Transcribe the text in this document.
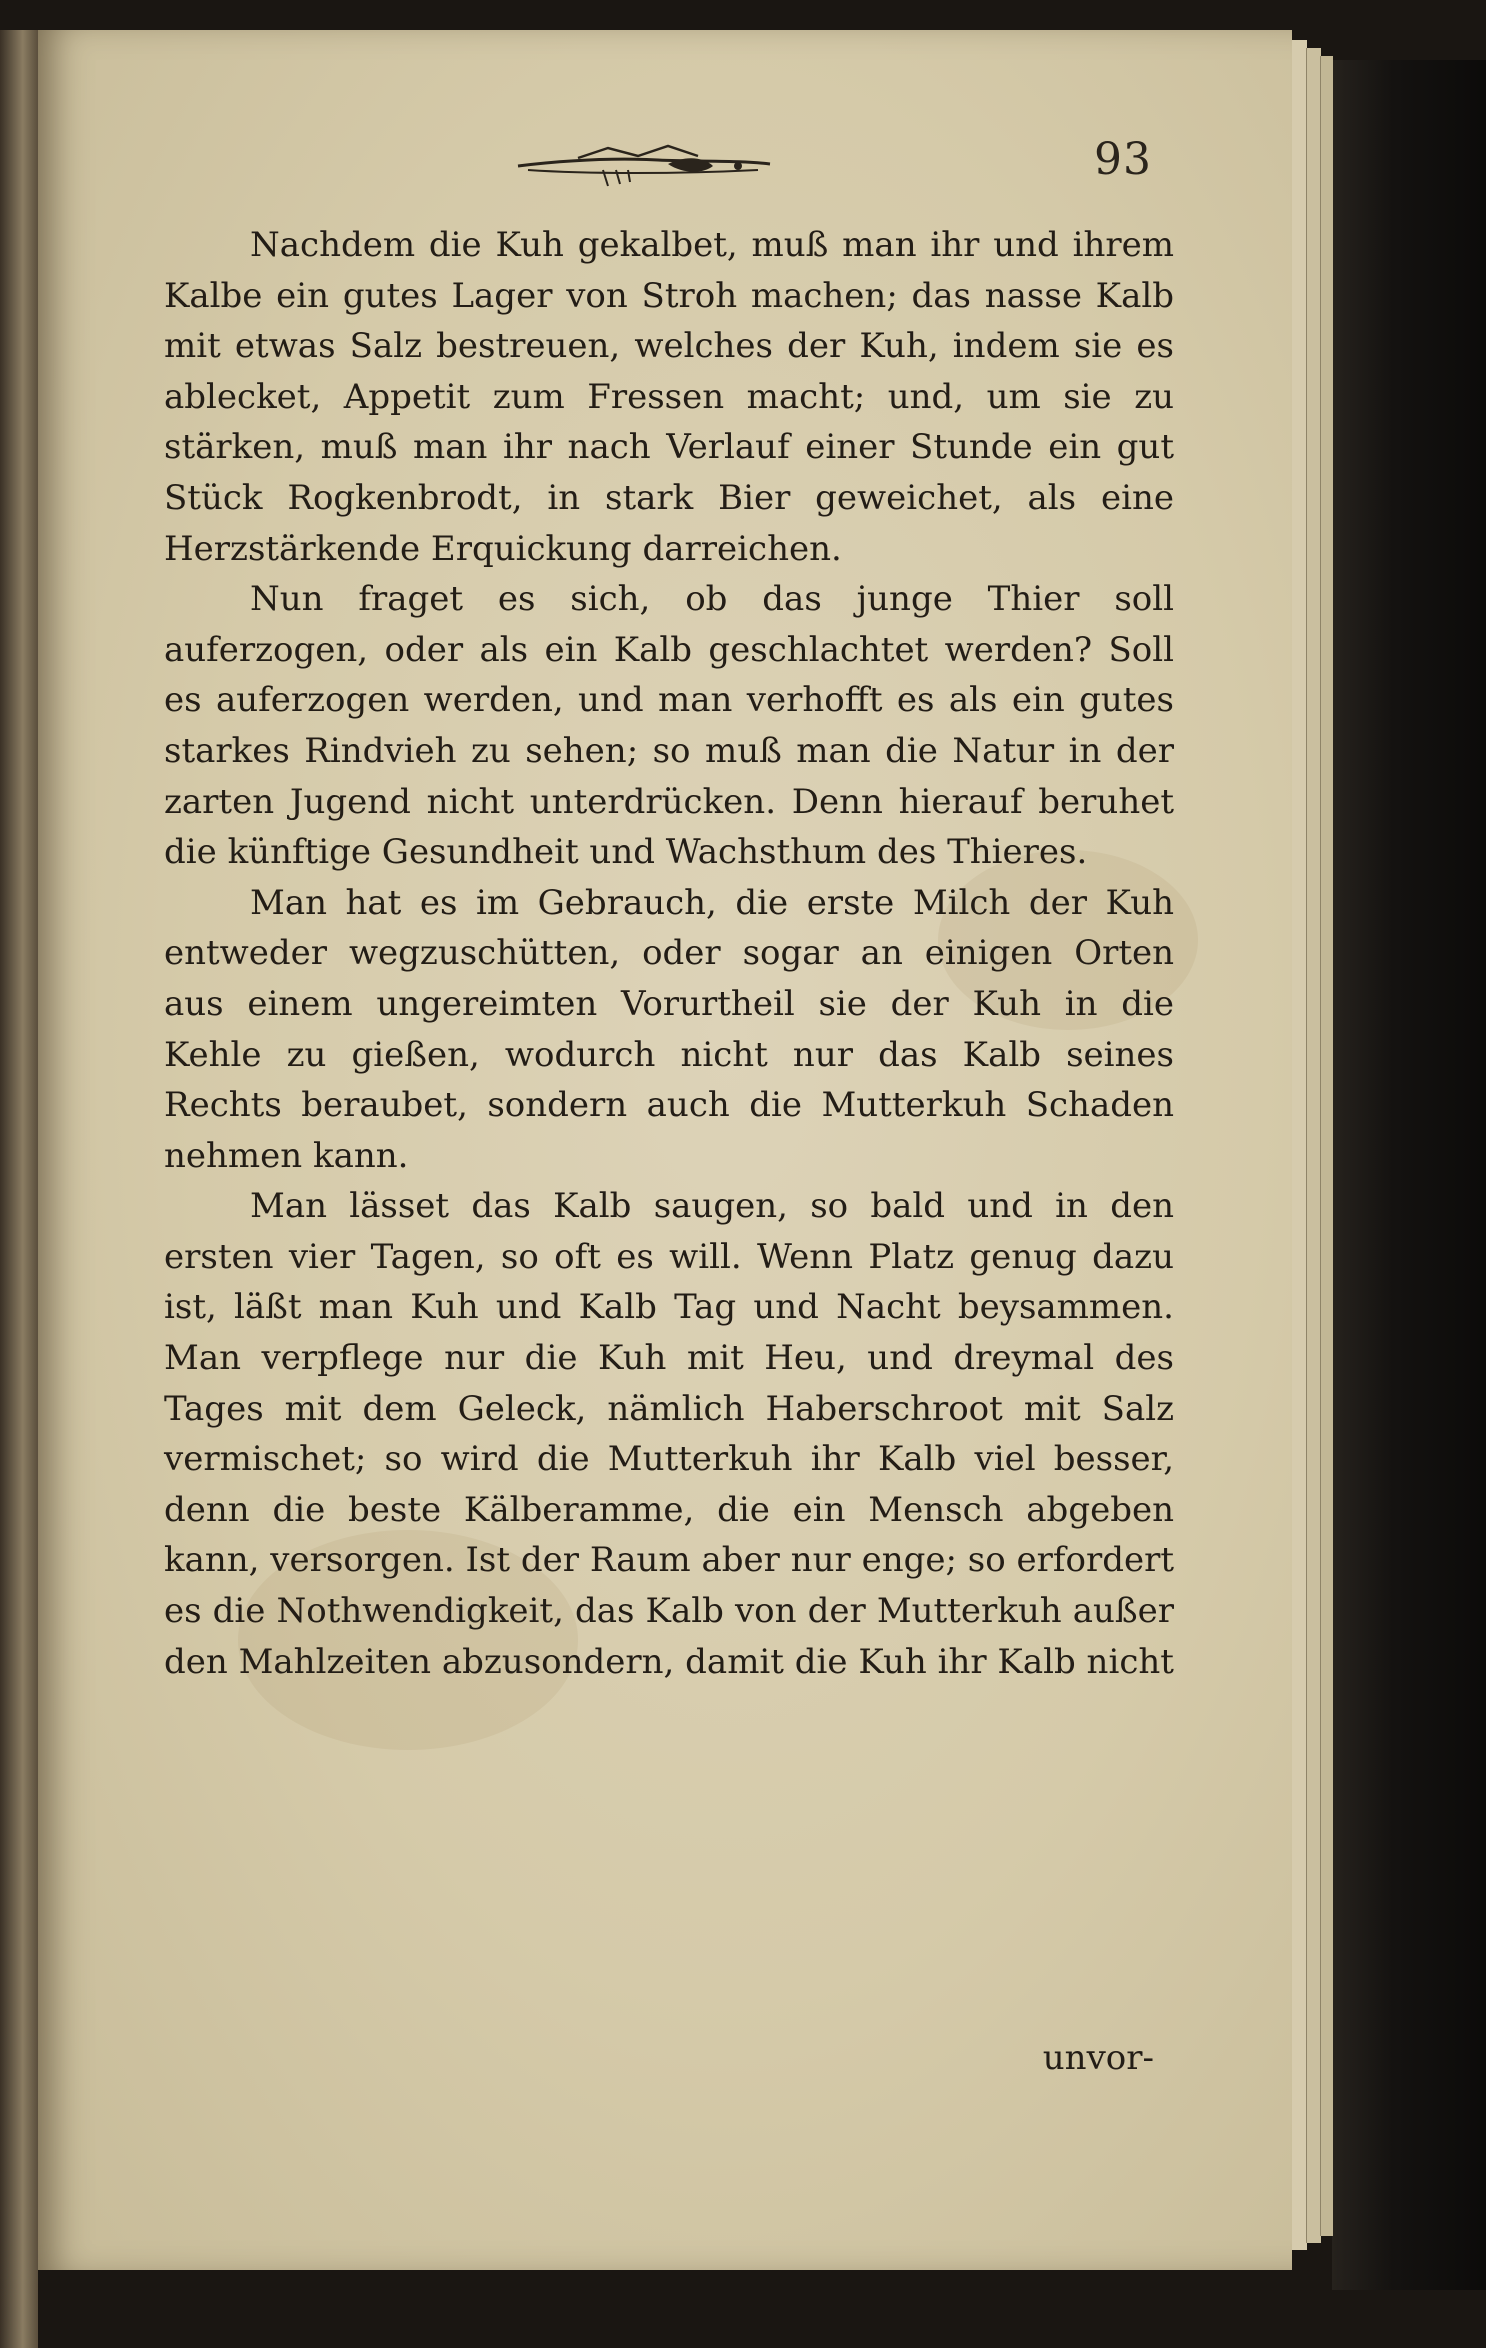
93

Nachdem die Kuh gekalbet, muß man ihr und ihrem Kalbe ein gutes Lager von Stroh machen; das nasse Kalb mit etwas Salz bestreuen, welches der Kuh, indem sie es ablecket, Appetit zum Fressen macht; und, um sie zu stärken, muß man ihr nach Verlauf einer Stunde ein gut Stück Rogkenbrodt, in stark Bier geweichet, als eine Herzstärkende Erquickung darreichen.

Nun fraget es sich, ob das junge Thier soll auferzogen, oder als ein Kalb geschlachtet werden? Soll es auferzogen werden, und man verhofft es als ein gutes starkes Rindvieh zu sehen; so muß man die Natur in der zarten Jugend nicht unterdrücken. Denn hierauf beruhet die künftige Gesundheit und Wachsthum des Thieres.

Man hat es im Gebrauch, die erste Milch der Kuh entweder wegzuschütten, oder sogar an einigen Orten aus einem ungereimten Vorurtheil sie der Kuh in die Kehle zu gießen, wodurch nicht nur das Kalb seines Rechts beraubet, sondern auch die Mutterkuh Schaden nehmen kann.

Man lässet das Kalb saugen, so bald und in den ersten vier Tagen, so oft es will. Wenn Platz genug dazu ist, läßt man Kuh und Kalb Tag und Nacht beysammen. Man verpflege nur die Kuh mit Heu, und dreymal des Tages mit dem Geleck, nämlich Haberschroot mit Salz vermischet; so wird die Mutterkuh ihr Kalb viel besser, denn die beste Kälberamme, die ein Mensch abgeben kann, versorgen. Ist der Raum aber nur enge; so erfordert es die Nothwendigkeit, das Kalb von der Mutterkuh außer den Mahlzeiten abzusondern, damit die Kuh ihr Kalb nicht

unvor-
